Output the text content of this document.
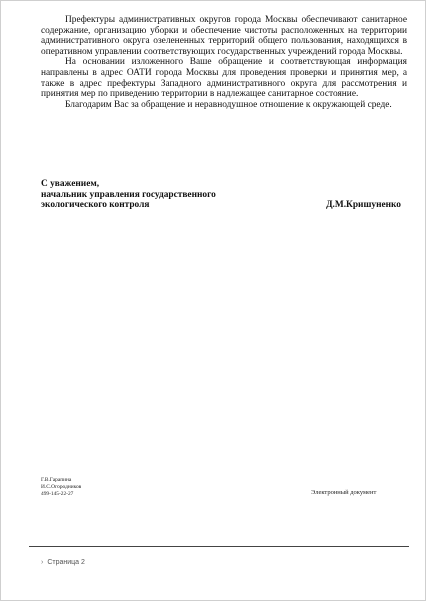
Префектуры административных округов города Москвы обеспечивают санитарное содержание, организацию уборки и обеспечение чистоты расположенных на территории административного округа озелененных территорий общего пользования, находящихся в оперативном управлении соответствующих государственных учреждений города Москвы.

На основании изложенного Ваше обращение и соответствующая информация направлены в адрес ОАТИ города Москвы для проведения проверки и принятия мер, а также в адрес префектуры Западного административного округа для рассмотрения и принятия мер по приведению территории в надлежащее санитарное состояние.

Благодарим Вас за обращение и неравнодушное отношение к окружающей среде.

С уважением,
начальник управления государственного
экологического контроля	Д.М.Кришуненко
Г.В.Гарапина
И.С.Огородников
499-145-22-27	Электронный документ
› Страница 2
